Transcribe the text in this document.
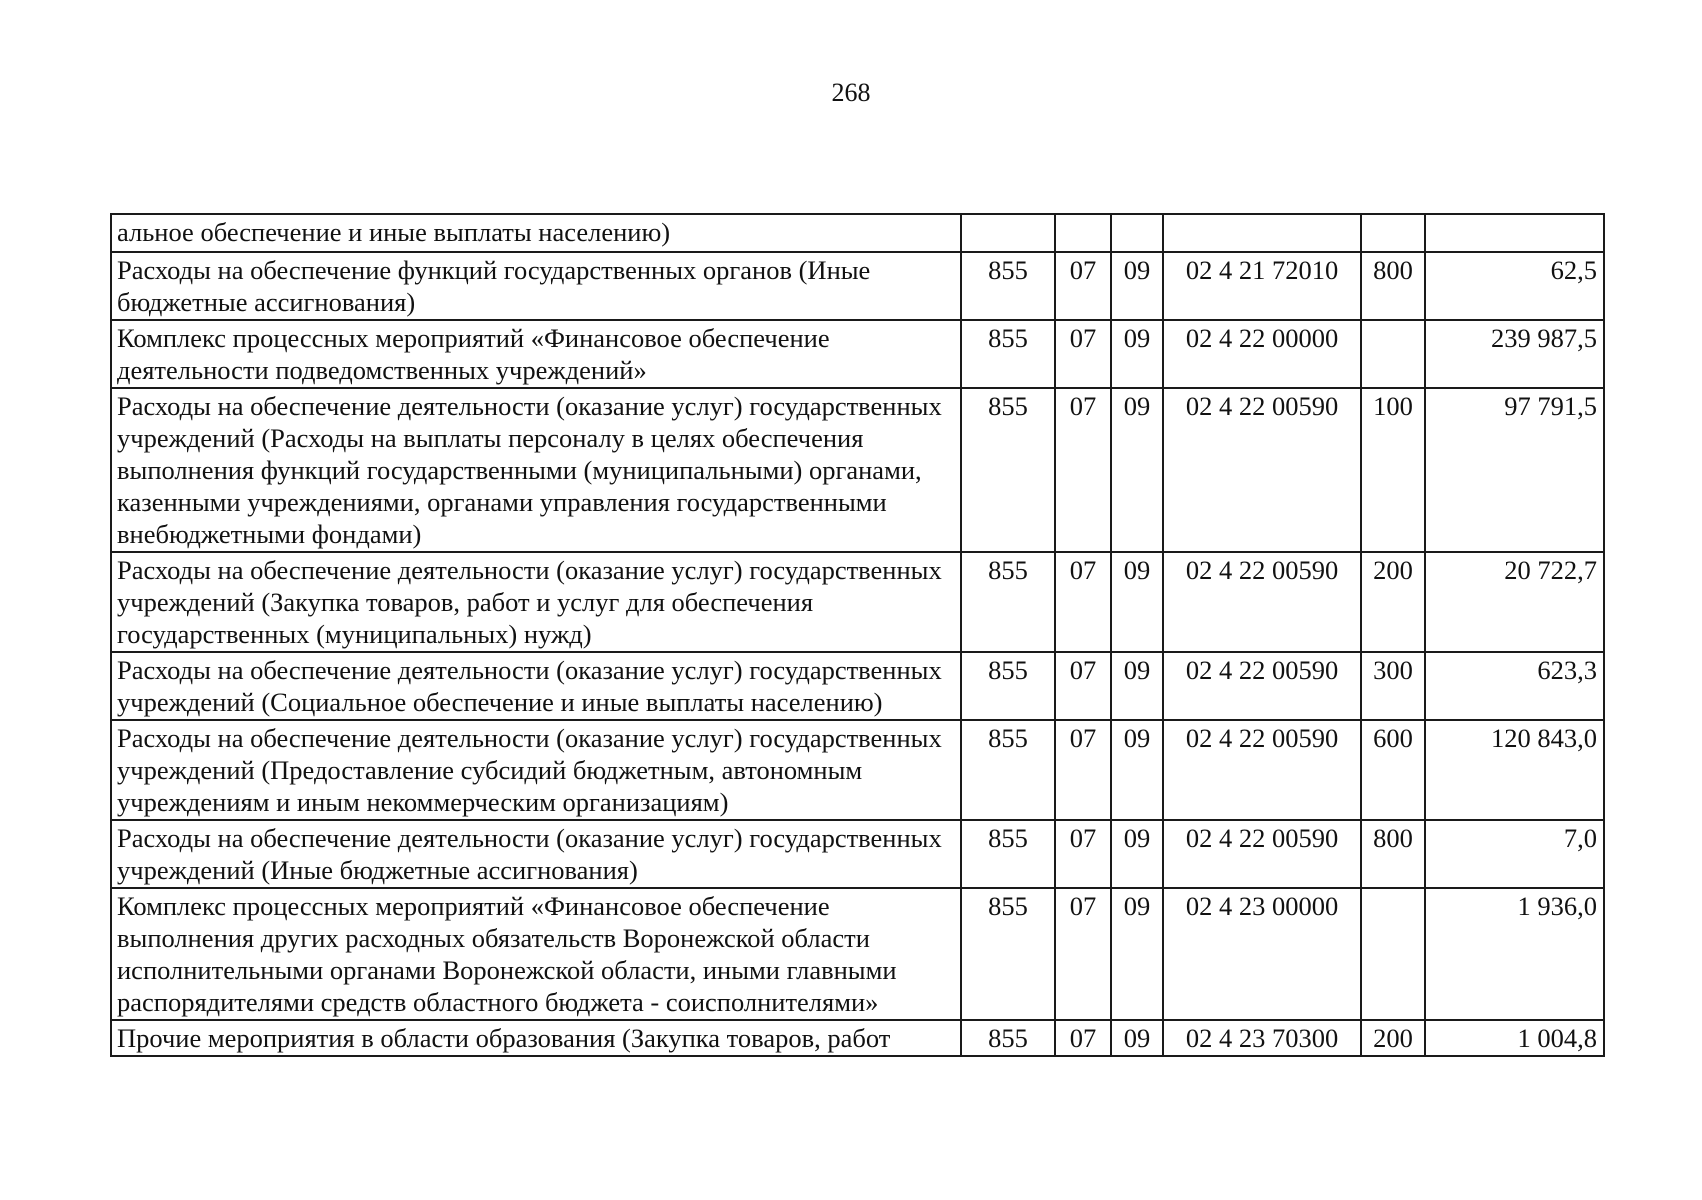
268
альное обеспечение и иные выплаты населению)						
Расходы на обеспечение функций государственных органов (Иные бюджетные ассигнования)	855	07	09	02 4 21 72010	800	62,5
Комплекс процессных мероприятий «Финансовое обеспечение деятельности подведомственных учреждений»	855	07	09	02 4 22 00000		239 987,5
Расходы на обеспечение деятельности (оказание услуг) государственных учреждений (Расходы на выплаты персоналу в целях обеспечения выполнения функций государственными (муниципальными) органами, казенными учреждениями, органами управления государственными внебюджетными фондами)	855	07	09	02 4 22 00590	100	97 791,5
Расходы на обеспечение деятельности (оказание услуг) государственных учреждений (Закупка товаров, работ и услуг для обеспечения государственных (муниципальных) нужд)	855	07	09	02 4 22 00590	200	20 722,7
Расходы на обеспечение деятельности (оказание услуг) государственных учреждений (Социальное обеспечение и иные выплаты населению)	855	07	09	02 4 22 00590	300	623,3
Расходы на обеспечение деятельности (оказание услуг) государственных учреждений (Предоставление субсидий бюджетным, автономным учреждениям и иным некоммерческим организациям)	855	07	09	02 4 22 00590	600	120 843,0
Расходы на обеспечение деятельности (оказание услуг) государственных учреждений (Иные бюджетные ассигнования)	855	07	09	02 4 22 00590	800	7,0
Комплекс процессных мероприятий «Финансовое обеспечение выполнения других расходных обязательств Воронежской области исполнительными органами Воронежской области, иными главными распорядителями средств областного бюджета - соисполнителями»	855	07	09	02 4 23 00000		1 936,0
Прочие мероприятия в области образования (Закупка товаров, работ	855	07	09	02 4 23 70300	200	1 004,8
